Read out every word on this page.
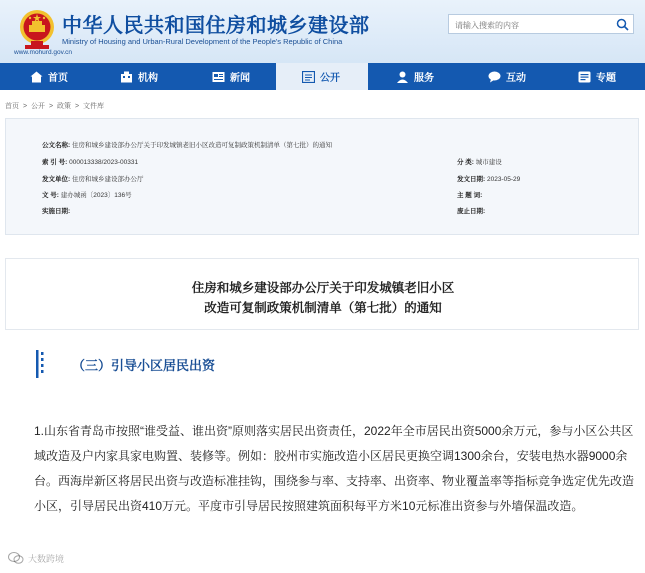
中华人民共和国住房和城乡建设部
Ministry of Housing and Urban-Rural Development of the People's Republic of China
www.mohurd.gov.cn
请输入搜索的内容
首页	机构	新闻	公开	服务	互动	专题
首页 > 公开 > 政策 > 文件库
公文名称: 住房和城乡建设部办公厅关于印发城镇老旧小区改造可复制政策机制清单（第七批）的通知
索 引 号: 000013338/2023-00331	分 类: 城市建设
发文单位: 住房和城乡建设部办公厅	发文日期: 2023-05-29
文 号: 建办城函〔2023〕136号	主 题 词:
实施日期:	废止日期:
住房和城乡建设部办公厅关于印发城镇老旧小区
改造可复制政策机制清单（第七批）的通知
（三）引导小区居民出资
1.山东省青岛市按照“谁受益、谁出资”原则落实居民出资责任，2022年全市居民出资5000余万元，参与小区公共区域改造及户内家具家电购置、装修等。例如：胶州市实施改造小区居民更换空调1300余台，安装电热水器9000余台。西海岸新区将居民出资与改造标准挂钩，围绕参与率、支持率、出资率、物业覆盖率等指标竞争选定优先改造小区，引导居民出资410万元。平度市引导居民按照建筑面积每平方米10元标准出资参与外墙保温改造。
大数跨境
